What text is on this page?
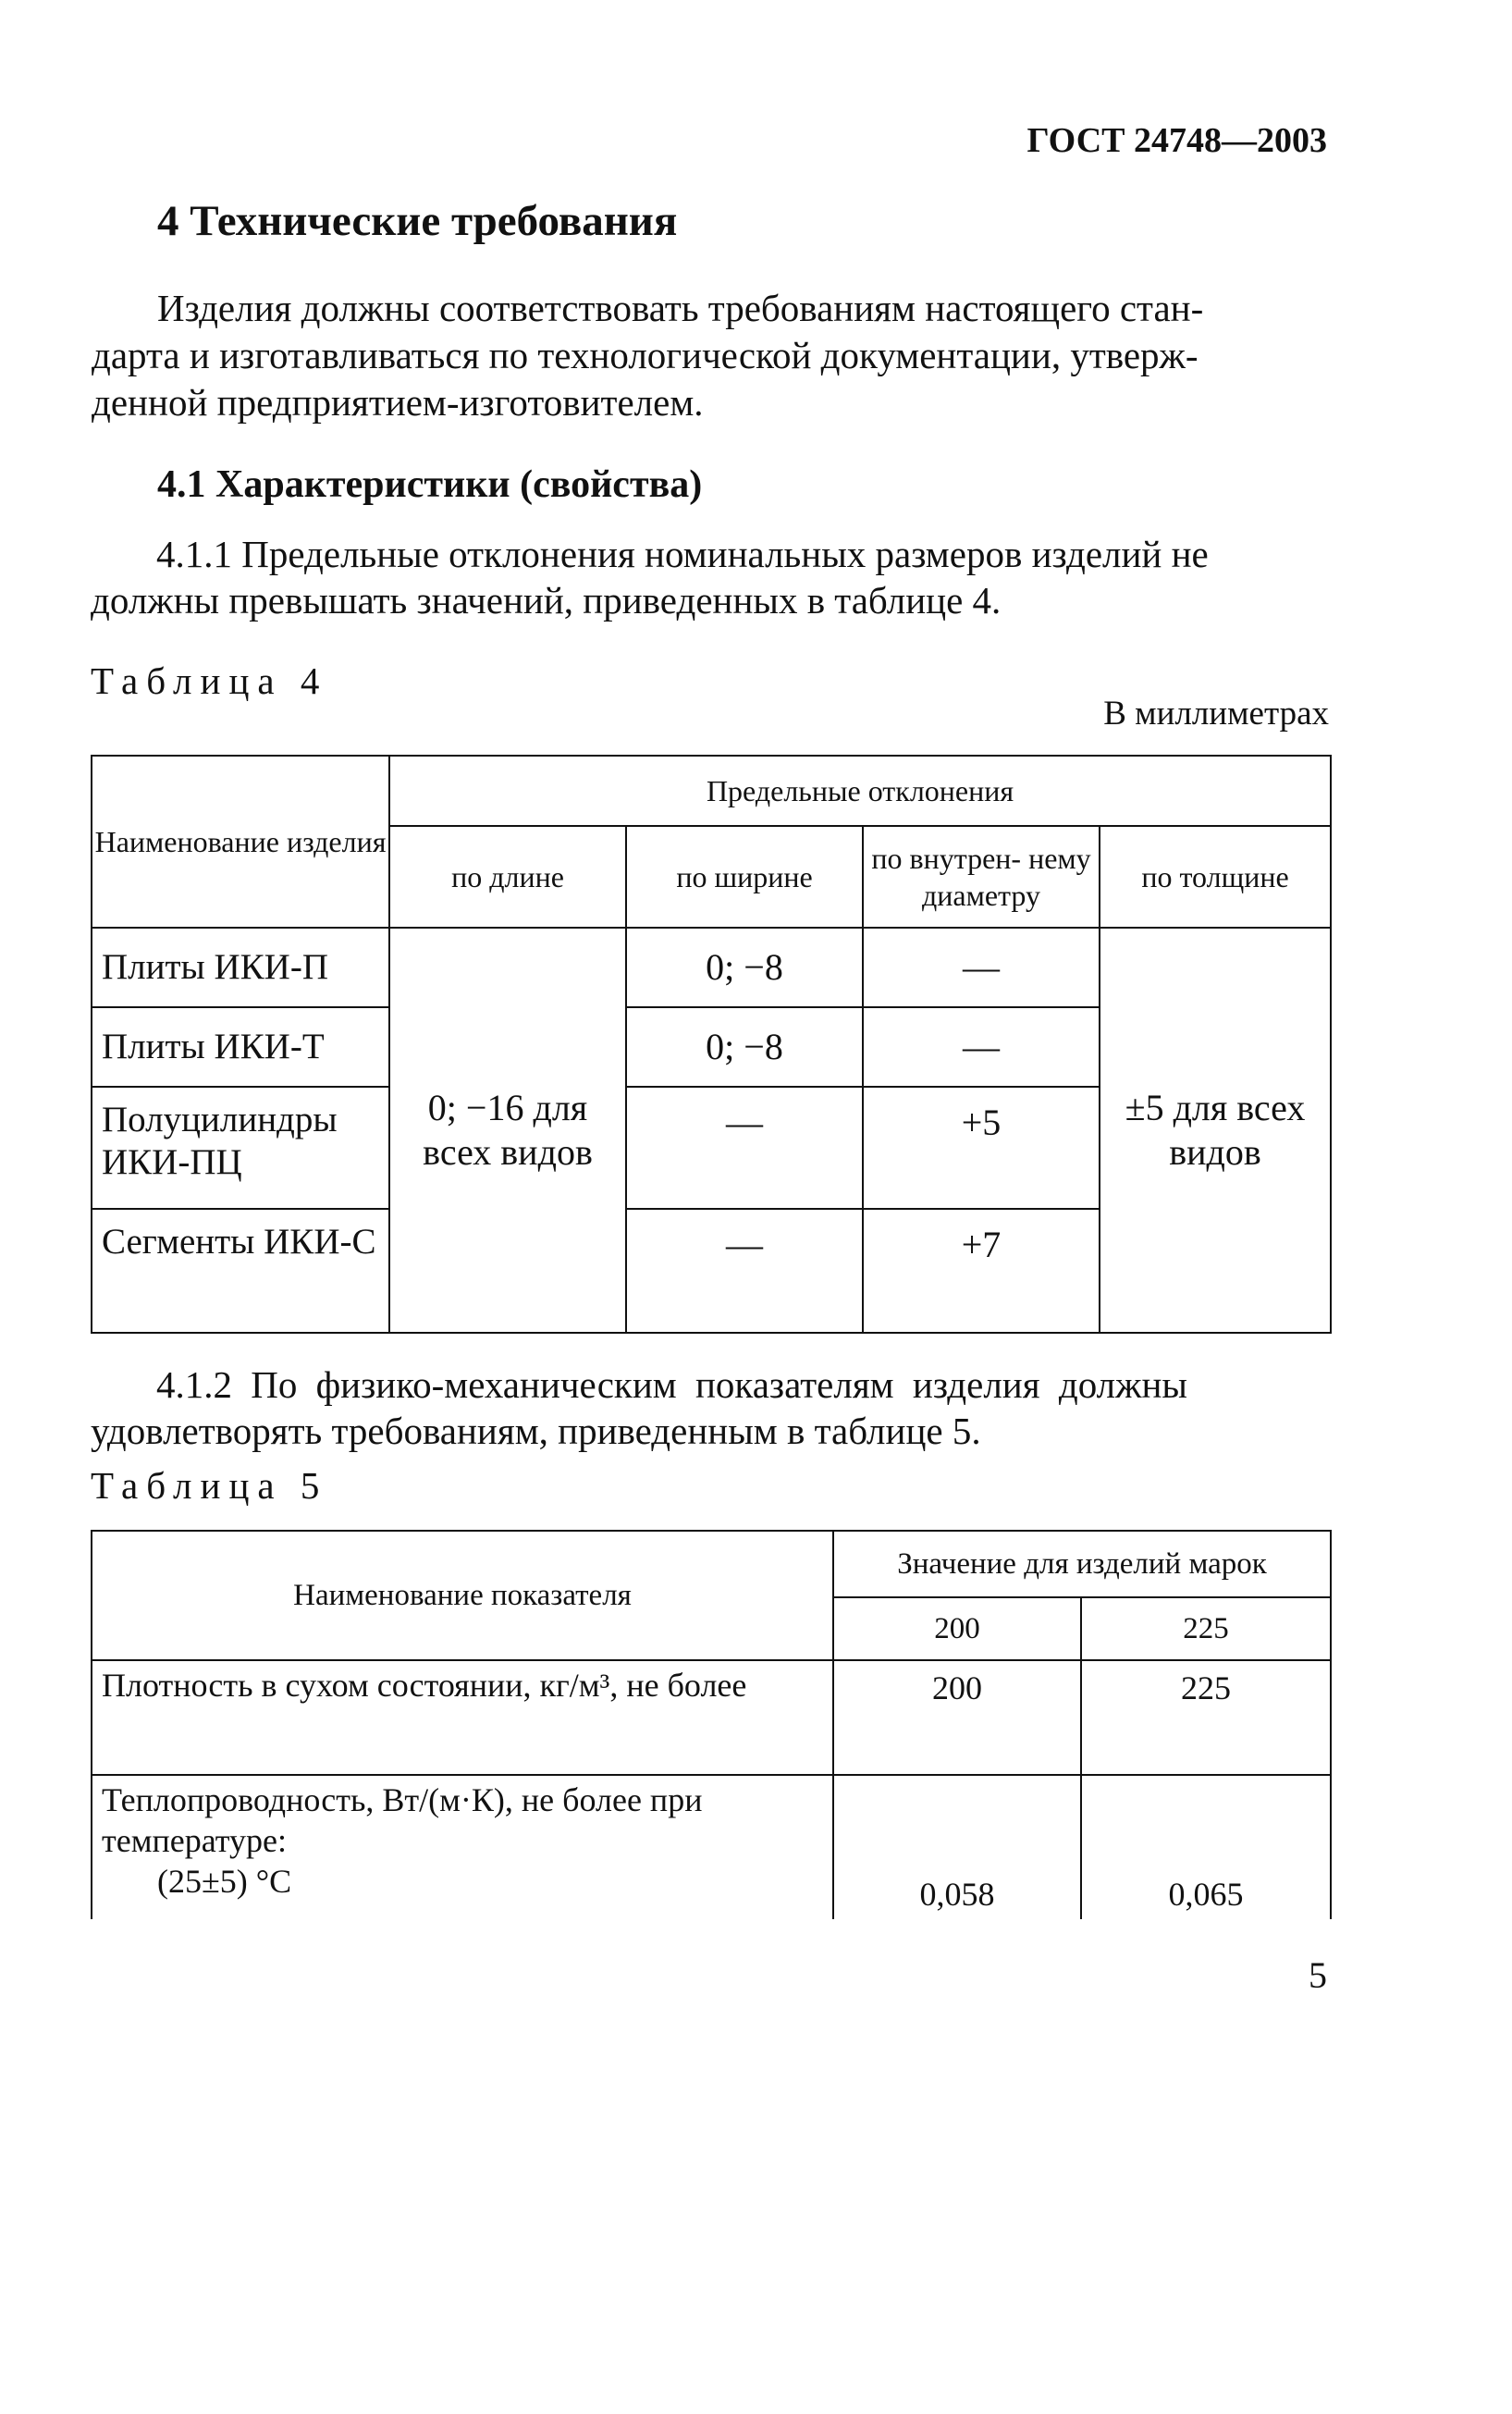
ГОСТ 24748—2003
4 Технические требования
Изделия должны соответствовать требованиям настоящего стан-
дарта и изготавливаться по технологической документации, утверж-
денной предприятием-изготовителем.
4.1 Характеристики (свойства)
4.1.1 Предельные отклонения номинальных размеров изделий не
должны превышать значений, приведенных в таблице 4.
Таблица 4
В миллиметрах
Наименование изделия	Предельные отклонения			
	по длине	по ширине	по внутрен- нему диаметру	по толщине
Плиты ИКИ-П	0; −16 для всех видов	0; −8	—	±5 для всех видов
Плиты ИКИ-Т		0; −8	—	
Полуцилиндры ИКИ-ПЦ		—	+5	
Сегменты ИКИ-С		—	+7	
4.1.2 По физико-механическим показателям изделия должны
удовлетворять требованиям, приведенным в таблице 5.
Таблица 5
Наименование показателя	Значение для изделий марок	
	200	225
Плотность в сухом состоянии, кг/м³, не более	200	225
Теплопроводность, Вт/(м·К), не более при температуре:
(25±5) °С	0,058	0,065
5
